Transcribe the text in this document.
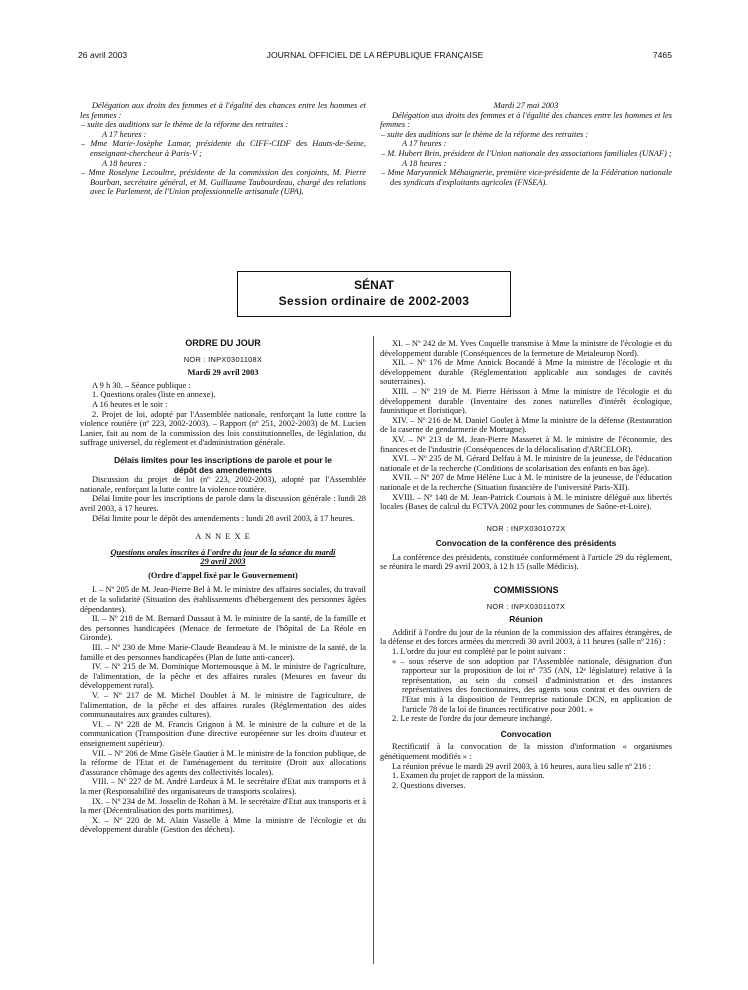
26 avril 2003	JOURNAL OFFICIEL DE LA RÉPUBLIQUE FRANÇAISE	7465

Délégation aux droits des femmes et à l'égalité des chances entre les hommes et les femmes :

– suite des auditions sur le thème de la réforme des retraites :

A 17 heures :

– Mme Marie-Josèphe Lamar, présidente du CIFF-CIDF des Hauts-de-Seine, enseignant-chercheur à Paris-V ;

A 18 heures :

– Mme Roselyne Lecoultre, présidente de la commission des conjoints, M. Pierre Bourban, secrétaire général, et M. Guillaume Taubourdeau, chargé des relations avec le Parlement, de l'Union professionnelle artisanale (UPA).

Mardi 27 mai 2003

Délégation aux droits des femmes et à l'égalité des chances entre les hommes et les femmes :

– suite des auditions sur le thème de la réforme des retraites :

A 17 heures :

– M. Hubert Brin, président de l'Union nationale des associations familiales (UNAF) ;

A 18 heures :

– Mme Maryannick Méhaignerie, première vice-présidente de la Fédération nationale des syndicats d'exploitants agricoles (FNSEA).

SÉNAT
Session ordinaire de 2002-2003

ORDRE DU JOUR

NOR : INPX0301108X

Mardi 29 avril 2003

A 9 h 30. – Séance publique :

1. Questions orales (liste en annexe).

A 16 heures et le soir :

2. Projet de loi, adopté par l'Assemblée nationale, renforçant la lutte contre la violence routière (nº 223, 2002-2003). – Rapport (nº 251, 2002-2003) de M. Lucien Lanier, fait au nom de la commission des lois constitutionnelles, de législation, du suffrage universel, du règlement et d'administration générale.

Délais limites pour les inscriptions de parole et pour le dépôt des amendements

Discussion du projet de loi (nº 223, 2002-2003), adopté par l'Assemblée nationale, renforçant la lutte contre la violence routière.

Délai limite pour les inscriptions de parole dans la discussion générale : lundi 28 avril 2003, à 17 heures.

Délai limite pour le dépôt des amendements : lundi 28 avril 2003, à 17 heures.

A N N E X E

Questions orales inscrites à l'ordre du jour de la séance du mardi 29 avril 2003

(Ordre d'appel fixé par le Gouvernement)

I. – Nº 205 de M. Jean-Pierre Bel à M. le ministre des affaires sociales, du travail et de la solidarité (Situation des établissements d'hébergement des personnes âgées dépendantes).

II. – Nº 218 de M. Bernard Dussaut à M. le ministre de la santé, de la famille et des personnes handicapées (Menace de fermeture de l'hôpital de La Réole en Gironde).

III. – Nº 230 de Mme Marie-Claude Beaudeau à M. le ministre de la santé, de la famille et des personnes handicapées (Plan de lutte anti-cancer).

IV. – Nº 215 de M. Dominique Mortemousque à M. le ministre de l'agriculture, de l'alimentation, de la pêche et des affaires rurales (Mesures en faveur du développement rural).

V. – Nº 217 de M. Michel Doublet à M. le ministre de l'agriculture, de l'alimentation, de la pêche et des affaires rurales (Réglementation des aides communautaires aux grandes cultures).

VI. – Nº 228 de M. Francis Grignon à M. le ministre de la culture et de la communication (Transposition d'une directive européenne sur les droits d'auteur et enseignement supérieur).

VII. – Nº 206 de Mme Gisèle Gautier à M. le ministre de la fonction publique, de la réforme de l'Etat et de l'aménagement du territoire (Droit aux allocations d'assurance chômage des agents des collectivités locales).

VIII. – Nº 227 de M. André Lardeux à M. le secrétaire d'Etat aux transports et à la mer (Responsabilité des organisateurs de transports scolaires).

IX. – Nº 234 de M. Josselin de Rohan à M. le secrétaire d'Etat aux transports et à la mer (Décentralisation des ports maritimes).

X. – Nº 220 de M. Alain Vasselle à Mme la ministre de l'écologie et du développement durable (Gestion des déchets).

XI. – Nº 242 de M. Yves Coquelle transmise à Mme la ministre de l'écologie et du développement durable (Conséquences de la fermeture de Metaleurop Nord).

XII. – Nº 176 de Mme Annick Bocandé à Mme la ministre de l'écologie et du développement durable (Réglementation applicable aux sondages de cavités souterraines).

XIII. – Nº 219 de M. Pierre Hérisson à Mme la ministre de l'écologie et du développement durable (Inventaire des zones naturelles d'intérêt écologique, faunistique et floristique).

XIV. – Nº 216 de M. Daniel Goulet à Mme la ministre de la défense (Restauration de la caserne de gendarmerie de Mortagne).

XV. – Nº 213 de M. Jean-Pierre Masseret à M. le ministre de l'économie, des finances et de l'industrie (Conséquences de la délocalisation d'ARCELOR).

XVI. – Nº 235 de M. Gérard Delfau à M. le ministre de la jeunesse, de l'éducation nationale et de la recherche (Conditions de scolarisation des enfants en bas âge).

XVII. – Nº 207 de Mme Hélène Luc à M. le ministre de la jeunesse, de l'éducation nationale et de la recherche (Situation financière de l'université Paris-XII).

XVIII. – Nº 140 de M. Jean-Patrick Courtois à M. le ministre délégué aux libertés locales (Bases de calcul du FCTVA 2002 pour les communes de Saône-et-Loire).

NOR : INPX0301072X

Convocation de la conférence des présidents

La conférence des présidents, constituée conformément à l'article 29 du règlement, se réunira le mardi 29 avril 2003, à 12 h 15 (salle Médicis).

COMMISSIONS

NOR : INPX0301107X

Réunion

Additif à l'ordre du jour de la réunion de la commission des affaires étrangères, de la défense et des forces armées du mercredi 30 avril 2003, à 11 heures (salle nº 216) :

1. L'ordre du jour est complété par le point suivant :

« – sous réserve de son adoption par l'Assemblée nationale, désignation d'un rapporteur sur la proposition de loi nº 735 (AN, 12ᵉ législature) relative à la représentation, au sein du conseil d'administration et des instances représentatives des fonctionnaires, des agents sous contrat et des ouvriers de l'Etat mis à la disposition de l'entreprise nationale DCN, en application de l'article 78 de la loi de finances rectificative pour 2001. »

2. Le reste de l'ordre du jour demeure inchangé.

Convocation

Rectificatif à la convocation de la mission d'information « organismes génétiquement modifiés » :

La réunion prévue le mardi 29 avril 2003, à 16 heures, aura lieu salle nº 216 :

1. Examen du projet de rapport de la mission.

2. Questions diverses.
